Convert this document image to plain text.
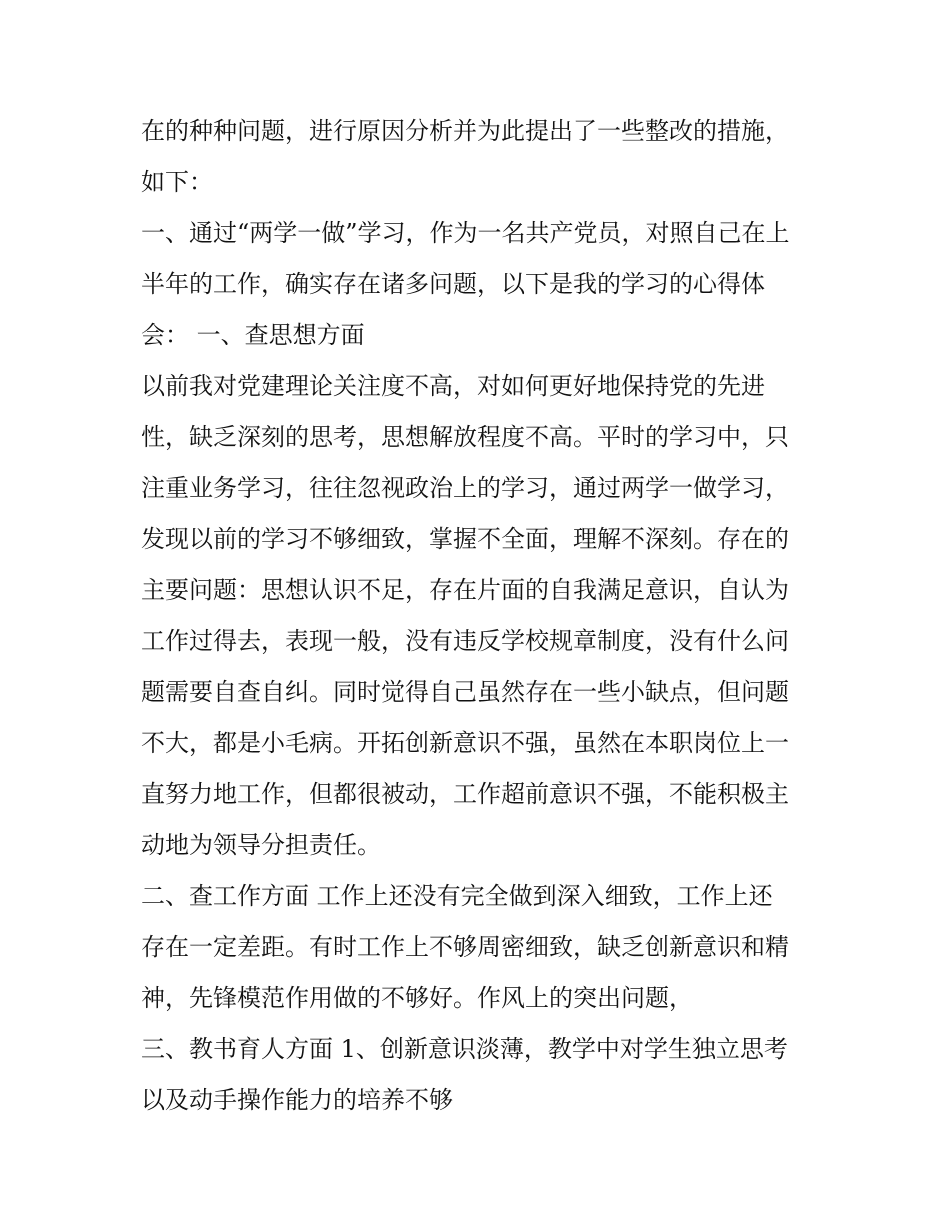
在的种种问题，进行原因分析并为此提出了一些整改的措施，
如下：
一、通过“两学一做”学习，作为一名共产党员，对照自己在上
半年的工作，确实存在诸多问题，以下是我的学习的心得体
会： 一、查思想方面
以前我对党建理论关注度不高，对如何更好地保持党的先进
性，缺乏深刻的思考，思想解放程度不高。平时的学习中，只
注重业务学习，往往忽视政治上的学习，通过两学一做学习，
发现以前的学习不够细致，掌握不全面，理解不深刻。存在的
主要问题：思想认识不足，存在片面的自我满足意识，自认为
工作过得去，表现一般，没有违反学校规章制度，没有什么问
题需要自查自纠。同时觉得自己虽然存在一些小缺点，但问题
不大，都是小毛病。开拓创新意识不强，虽然在本职岗位上一
直努力地工作，但都很被动，工作超前意识不强，不能积极主
动地为领导分担责任。
二、查工作方面 工作上还没有完全做到深入细致，工作上还
存在一定差距。有时工作上不够周密细致，缺乏创新意识和精
神，先锋模范作用做的不够好。作风上的突出问题，
三、教书育人方面 1、创新意识淡薄，教学中对学生独立思考
以及动手操作能力的培养不够
